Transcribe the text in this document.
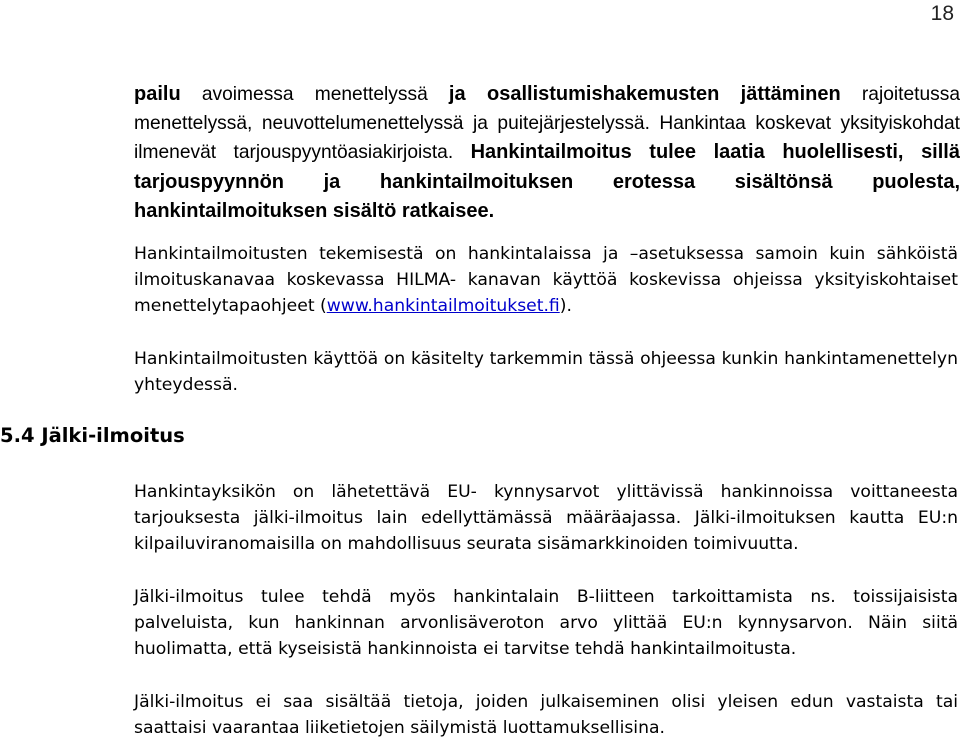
18

pailu avoimessa menettelyssä ja osallistumishakemusten jättäminen rajoitetussa menettelyssä, neuvottelumenettelyssä ja puitejärjestelyssä. Hankintaa koskevat yksityiskohdat ilmenevät tarjouspyyntöasiakirjoista. Hankintailmoitus tulee laatia huolellisesti, sillä tarjouspyynnön ja hankintailmoituksen erotessa sisältönsä puolesta, hankintailmoituksen sisältö ratkaisee.

Hankintailmoitusten tekemisestä on hankintalaissa ja –asetuksessa samoin kuin sähköistä ilmoituskanavaa koskevassa HILMA- kanavan käyttöä koskevissa ohjeissa yksityiskohtaiset menettelytapaohjeet (www.hankintailmoitukset.fi).

Hankintailmoitusten käyttöä on käsitelty tarkemmin tässä ohjeessa kunkin hankintamenettelyn yhteydessä.

5.4 Jälki-ilmoitus

Hankintayksikön on lähetettävä EU- kynnysarvot ylittävissä hankinnoissa voittaneesta tarjouksesta jälki-ilmoitus lain edellyttämässä määräajassa. Jälki-ilmoituksen kautta EU:n kilpailuviranomaisilla on mahdollisuus seurata sisämarkkinoiden toimivuutta.

Jälki-ilmoitus tulee tehdä myös hankintalain B-liitteen tarkoittamista ns. toissijaisista palveluista, kun hankinnan arvonlisäveroton arvo ylittää EU:n kynnysarvon. Näin siitä huolimatta, että kyseisistä hankinnoista ei tarvitse tehdä hankintailmoitusta.

Jälki-ilmoitus ei saa sisältää tietoja, joiden julkaiseminen olisi yleisen edun vastaista tai saattaisi vaarantaa liiketietojen säilymistä luottamuksellisina.
